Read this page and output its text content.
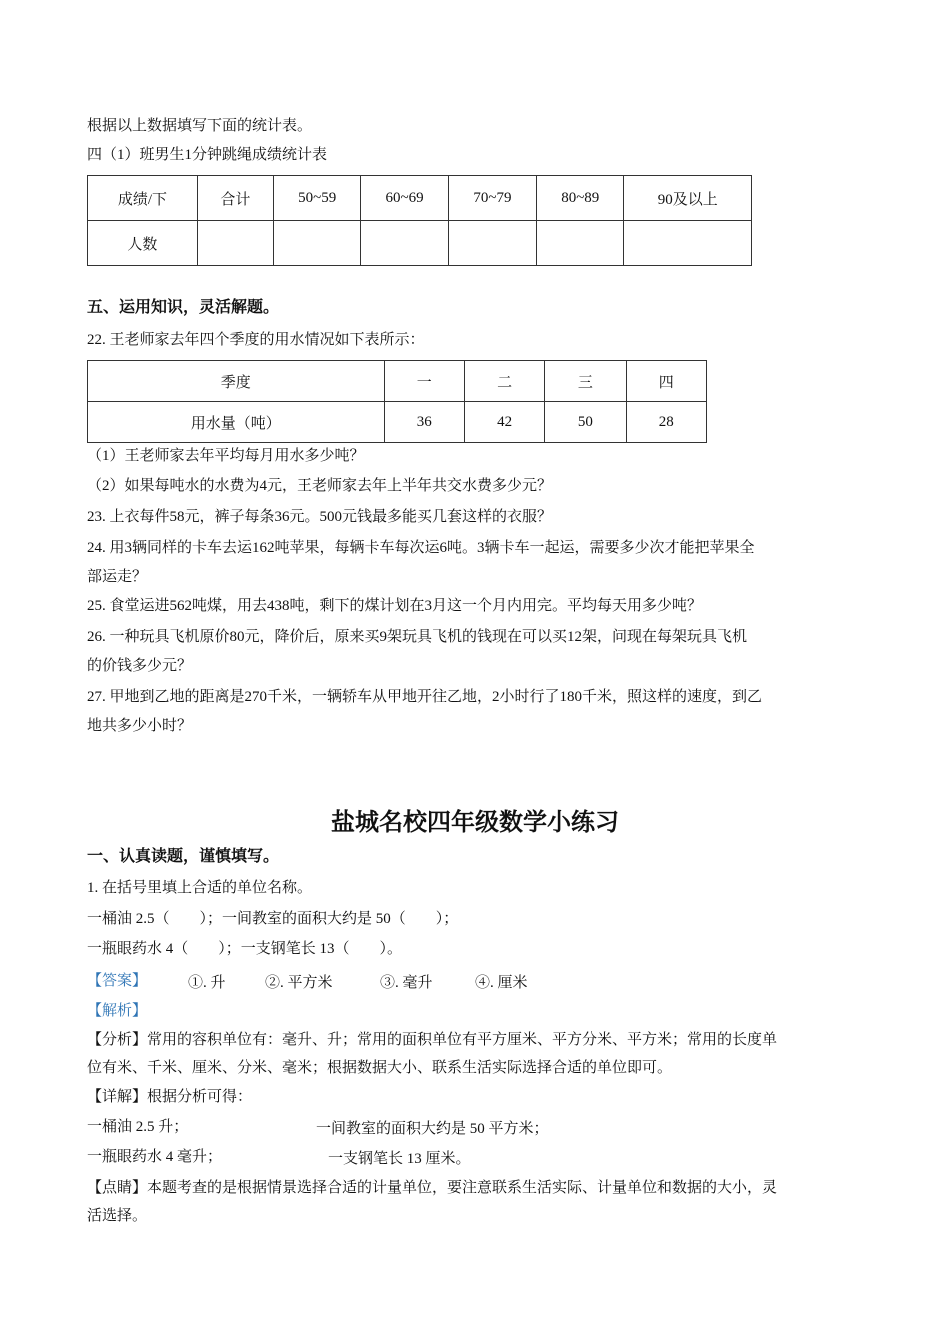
根据以上数据填写下面的统计表。
四（1）班男生1分钟跳绳成绩统计表
成绩/下	合计	50~59	60~69	70~79	80~89	90及以上
人数						
五、运用知识，灵活解题。
22. 王老师家去年四个季度的用水情况如下表所示：
季度	一	二	三	四
用水量（吨）	36	42	50	28
（1）王老师家去年平均每月用水多少吨？
（2）如果每吨水的水费为4元，王老师家去年上半年共交水费多少元？
23. 上衣每件58元，裤子每条36元。500元钱最多能买几套这样的衣服？
24. 用3辆同样的卡车去运162吨苹果，每辆卡车每次运6吨。3辆卡车一起运，需要多少次才能把苹果全
部运走？
25. 食堂运进562吨煤，用去438吨，剩下的煤计划在3月这一个月内用完。平均每天用多少吨？
26. 一种玩具飞机原价80元，降价后，原来买9架玩具飞机的钱现在可以买12架，问现在每架玩具飞机
的价钱多少元？
27. 甲地到乙地的距离是270千米，一辆轿车从甲地开往乙地，2小时行了180千米，照这样的速度，到乙
地共多少小时？
盐城名校四年级数学小练习
一、认真读题，谨慎填写。
1. 在括号里填上合适的单位名称。
一桶油 2.5（        ）；一间教室的面积大约是 50（        ）；
一瓶眼药水 4（        ）；一支钢笔长 13（        ）。
【答案】	①. 升	②. 平方米	③. 毫升	④. 厘米
【解析】
【分析】常用的容积单位有：毫升、升；常用的面积单位有平方厘米、平方分米、平方米；常用的长度单
位有米、千米、厘米、分米、毫米；根据数据大小、联系生活实际选择合适的单位即可。
【详解】根据分析可得：
一桶油 2.5 升；	一间教室的面积大约是 50 平方米；
一瓶眼药水 4 毫升；	一支钢笔长 13 厘米。
【点睛】本题考查的是根据情景选择合适的计量单位，要注意联系生活实际、计量单位和数据的大小，灵
活选择。
